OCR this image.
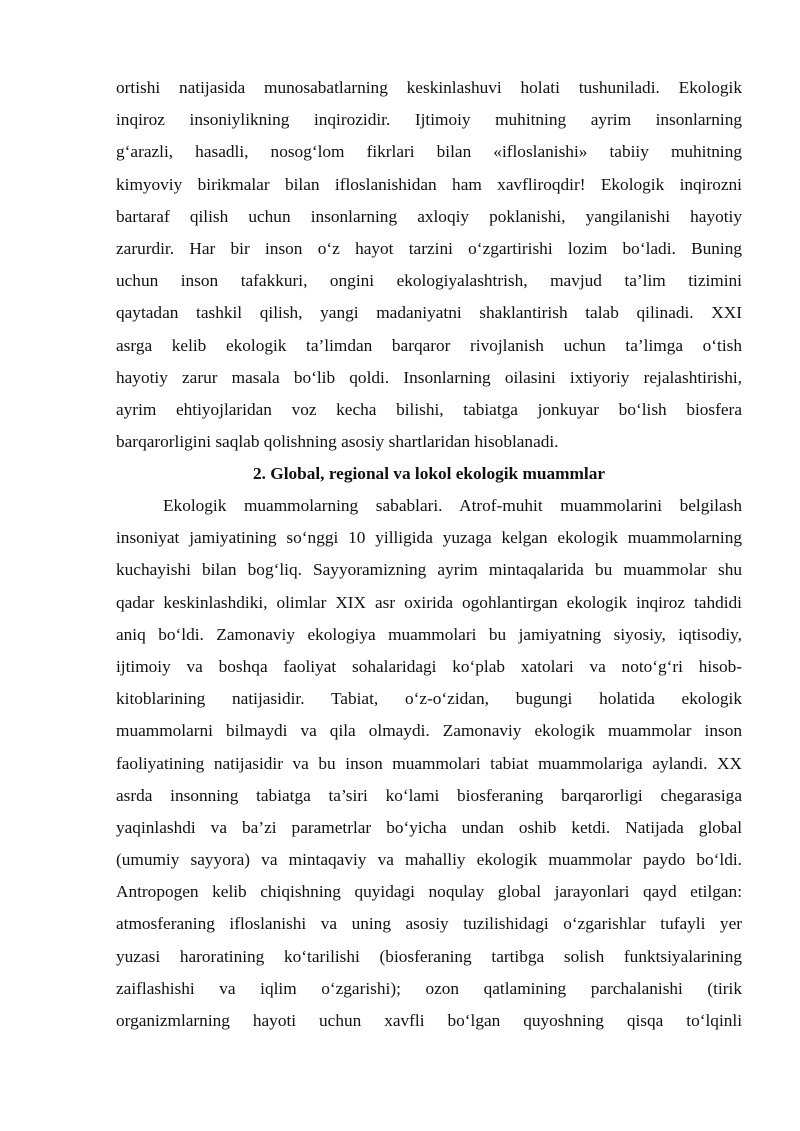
ortishi natijasida munosabatlarning keskinlashuvi holati tushuniladi. Ekologik
inqiroz insoniylikning inqirozidir. Ijtimoiy muhitning ayrim insonlarning
g‘arazli, hasadli, nosog‘lom fikrlari bilan «ifloslanishi» tabiiy muhitning
kimyoviy birikmalar bilan ifloslanishidan ham xavfliroqdir! Ekologik inqirozni
bartaraf qilish uchun insonlarning axloqiy poklanishi, yangilanishi hayotiy
zarurdir. Har bir inson o‘z hayot tarzini o‘zgartirishi lozim bo‘ladi. Buning
uchun inson tafakkuri, ongini ekologiyalashtrish, mavjud ta’lim tizimini
qaytadan tashkil qilish, yangi madaniyatni shaklantirish talab qilinadi. XXI
asrga kelib ekologik ta’limdan barqaror rivojlanish uchun ta’limga o‘tish
hayotiy zarur masala bo‘lib qoldi. Insonlarning oilasini ixtiyoriy rejalashtirishi,
ayrim ehtiyojlaridan voz kecha bilishi, tabiatga jonkuyar bo‘lish biosfera
barqarorligini saqlab qolishning asosiy shartlaridan hisoblanadi.
2. Global, regional va lokol ekologik muammlar
Ekologik muammolarning sabablari. Atrof-muhit muammolarini belgilash
insoniyat jamiyatining so‘nggi 10 yilligida yuzaga kelgan ekologik muammolarning
kuchayishi bilan bog‘liq. Sayyoramizning ayrim mintaqalarida bu muammolar shu
qadar keskinlashdiki, olimlar XIX asr oxirida ogohlantirgan ekologik inqiroz tahdidi
aniq bo‘ldi. Zamonaviy ekologiya muammolari bu jamiyatning siyosiy, iqtisodiy,
ijtimoiy va boshqa faoliyat sohalaridagi ko‘plab xatolari va noto‘g‘ri hisob-
kitoblarining natijasidir. Tabiat, o‘z-o‘zidan, bugungi holatida ekologik
muammolarni bilmaydi va qila olmaydi. Zamonaviy ekologik muammolar inson
faoliyatining natijasidir va bu inson muammolari tabiat muammolariga aylandi. XX
asrda insonning tabiatga ta’siri ko‘lami biosferaning barqarorligi chegarasiga
yaqinlashdi va ba’zi parametrlar bo‘yicha undan oshib ketdi. Natijada global
(umumiy sayyora) va mintaqaviy va mahalliy ekologik muammolar paydo bo‘ldi.
Antropogen kelib chiqishning quyidagi noqulay global jarayonlari qayd etilgan:
atmosferaning ifloslanishi va uning asosiy tuzilishidagi o‘zgarishlar tufayli yer
yuzasi haroratining ko‘tarilishi (biosferaning tartibga solish funktsiyalarining
zaiflashishi va iqlim o‘zgarishi); ozon qatlamining parchalanishi (tirik
organizmlarning hayoti uchun xavfli bo‘lgan quyoshning qisqa to‘lqinli
